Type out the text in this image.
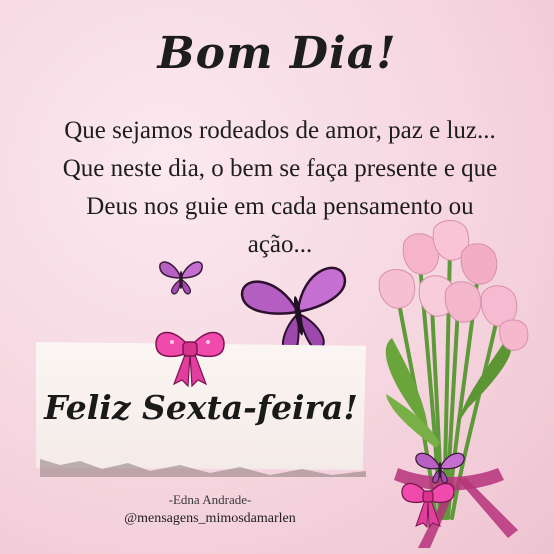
Bom Dia!
Que sejamos rodeados de amor, paz e luz...
Que neste dia, o bem se faça presente e que
Deus nos guie em cada pensamento ou
ação...
Feliz Sexta-feira!
-Edna Andrade-
@mensagens_mimosdamarlen
